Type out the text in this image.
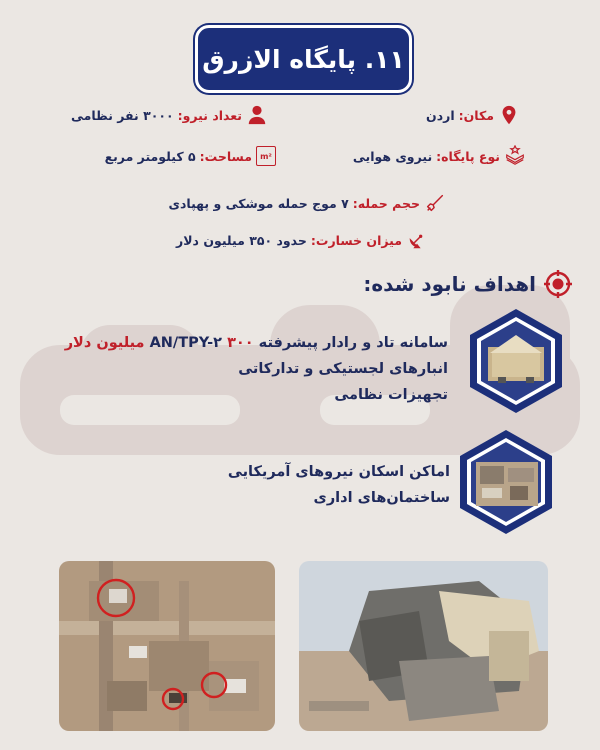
۱۱. پایگاه الازرق
مکان:
اردن
تعداد نیرو:
۳۰۰۰ نفر نظامی
نوع پایگاه:
نیروی هوایی
m²
مساحت:
۵ کیلومتر مربع
حجم حمله:
۷ موج حمله موشکی و پهپادی
میزان خسارت:
حدود ۳۵۰ میلیون دلار
اهداف نابود شده:
سامانه تاد و رادار پیشرفته AN/TPY-۲ ۳۰۰ میلیون دلار
انبارهای لجستیکی و تدارکاتی
تجهیزات نظامی
اماکن اسکان نیروهای آمریکایی
ساختمان‌های اداری
